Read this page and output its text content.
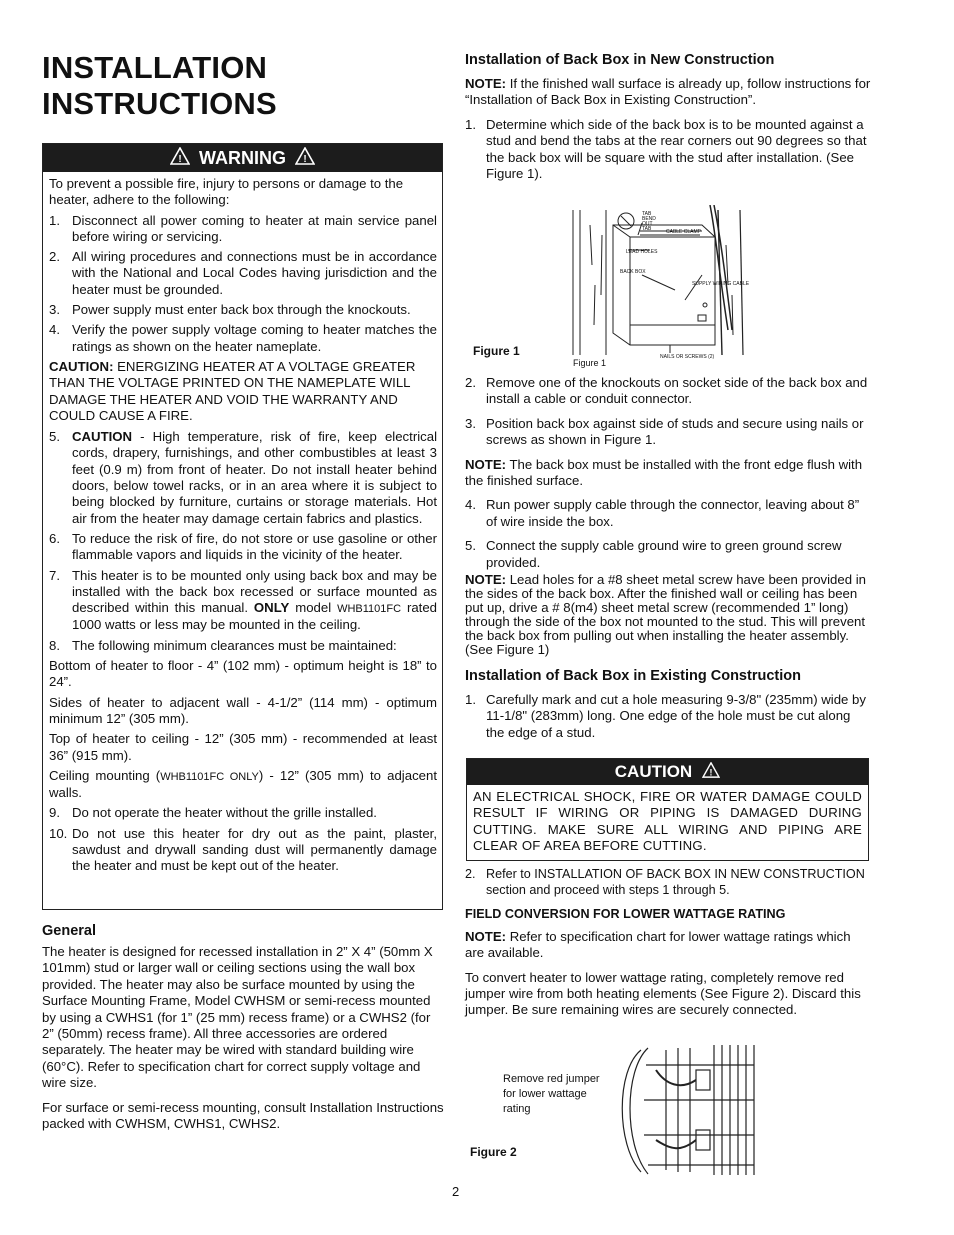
INSTALLATION
INSTRUCTIONS
! WARNING !

To prevent a possible fire, injury to persons or damage to the heater, adhere to the following:

1. Disconnect all power coming to heater at main service panel before wiring or servicing.
2. All wiring procedures and connections must be in accordance with the National and Local Codes having jurisdiction and the heater must be grounded.
3. Power supply must enter back box through the knockouts.
4. Verify the power supply voltage coming to heater matches the ratings as shown on the heater nameplate.

CAUTION: ENERGIZING HEATER AT A VOLTAGE GREATER THAN THE VOLTAGE PRINTED ON THE NAMEPLATE WILL DAMAGE THE HEATER AND VOID THE WARRANTY AND COULD CAUSE A FIRE.

5. CAUTION - High temperature, risk of fire, keep electrical cords, drapery, furnishings, and other combustibles at least 3 feet (0.9 m) from front of heater. Do not install heater behind doors, below towel racks, or in an area where it is subject to being blocked by furniture, curtains or storage materials. Hot air from the heater may damage certain fabrics and plastics.
6. To reduce the risk of fire, do not store or use gasoline or other flammable vapors and liquids in the vicinity of the heater.
7. This heater is to be mounted only using back box and may be installed with the back box recessed or surface mounted as described within this manual. ONLY model WHB1101FC rated 1000 watts or less may be mounted in the ceiling.
8. The following minimum clearances must be maintained:

Bottom of heater to floor - 4” (102 mm) - optimum height is 18” to 24”.

Sides of heater to adjacent wall - 4-1/2” (114 mm) - optimum minimum 12” (305 mm).

Top of heater to ceiling - 12” (305 mm) - recommended at least 36” (915 mm).

Ceiling mounting (WHB1101FC ONLY) - 12” (305 mm) to adjacent walls.

9. Do not operate the heater without the grille installed.
10. Do not use this heater for dry out as the paint, plaster, sawdust and drywall sanding dust will permanently damage the heater and must be kept out of the heater.
General

The heater is designed for recessed installation in 2” X 4” (50mm X 101mm) stud or larger wall or ceiling sections using the wall box provided. The heater may also be surface mounted by using the Surface Mounting Frame, Model CWHSM or semi-recess mounted by using a CWHS1 (for 1” (25 mm) recess frame) or a CWHS2 (for 2” (50mm) recess frame). All three accessories are ordered separately. The heater may be wired with standard building wire (60°C). Refer to specification chart for correct supply voltage and wire size.

For surface or semi-recess mounting, consult Installation Instructions packed with CWHSM, CWHS1, CWHS2.

Installation of Back Box in New Construction

NOTE: If the finished wall surface is already up, follow instructions for “Installation of Back Box in Existing Construction”.

1. Determine which side of the back box is to be mounted against a stud and bend the tabs at the rear corners out 90 degrees so that the back box will be square with the stud after installation. (See Figure 1).
TAB
BEND
OUT
TAB	CABLE CLAMP
LEAD HOLES
BACK BOX
SUPPLY WIRING CABLE
NAILS OR SCREWS (2)
Figure 1
Figure 1
2. Remove one of the knockouts on socket side of the back box and install a cable or conduit connector.
3. Position back box against side of studs and secure using nails or screws as shown in Figure 1.

NOTE: The back box must be installed with the front edge flush with the finished surface.

4. Run power supply cable through the connector, leaving about 8” of wire inside the box.
5. Connect the supply cable ground wire to green ground screw provided.

NOTE: Lead holes for a #8 sheet metal screw have been provided in the sides of the back box. After the finished wall or ceiling has been put up, drive a # 8(m4) sheet metal screw (recommended 1” long) through the side of the box not mounted to the stud. This will prevent the back box from pulling out when installing the heater assembly. (See Figure 1)

Installation of Back Box in Existing Construction
1. Carefully mark and cut a hole measuring 9-3/8" (235mm) wide by 11-1/8" (283mm) long. One edge of the hole must be cut along the edge of a stud.
CAUTION !
AN ELECTRICAL SHOCK, FIRE OR WATER DAMAGE COULD RESULT IF WIRING OR PIPING IS DAMAGED DURING CUTTING. MAKE SURE ALL WIRING AND PIPING ARE CLEAR OF AREA BEFORE CUTTING.
2. Refer to INSTALLATION OF BACK BOX IN NEW CONSTRUCTION section and proceed with steps 1 through 5.
FIELD CONVERSION FOR LOWER WATTAGE RATING

NOTE: Refer to specification chart for lower wattage ratings which are available.

To convert heater to lower wattage rating, completely remove red jumper wire from both heating elements (See Figure 2). Discard this jumper. Be sure remaining wires are securely connected.

Remove red jumper
for lower wattage
rating
Figure 2
2
